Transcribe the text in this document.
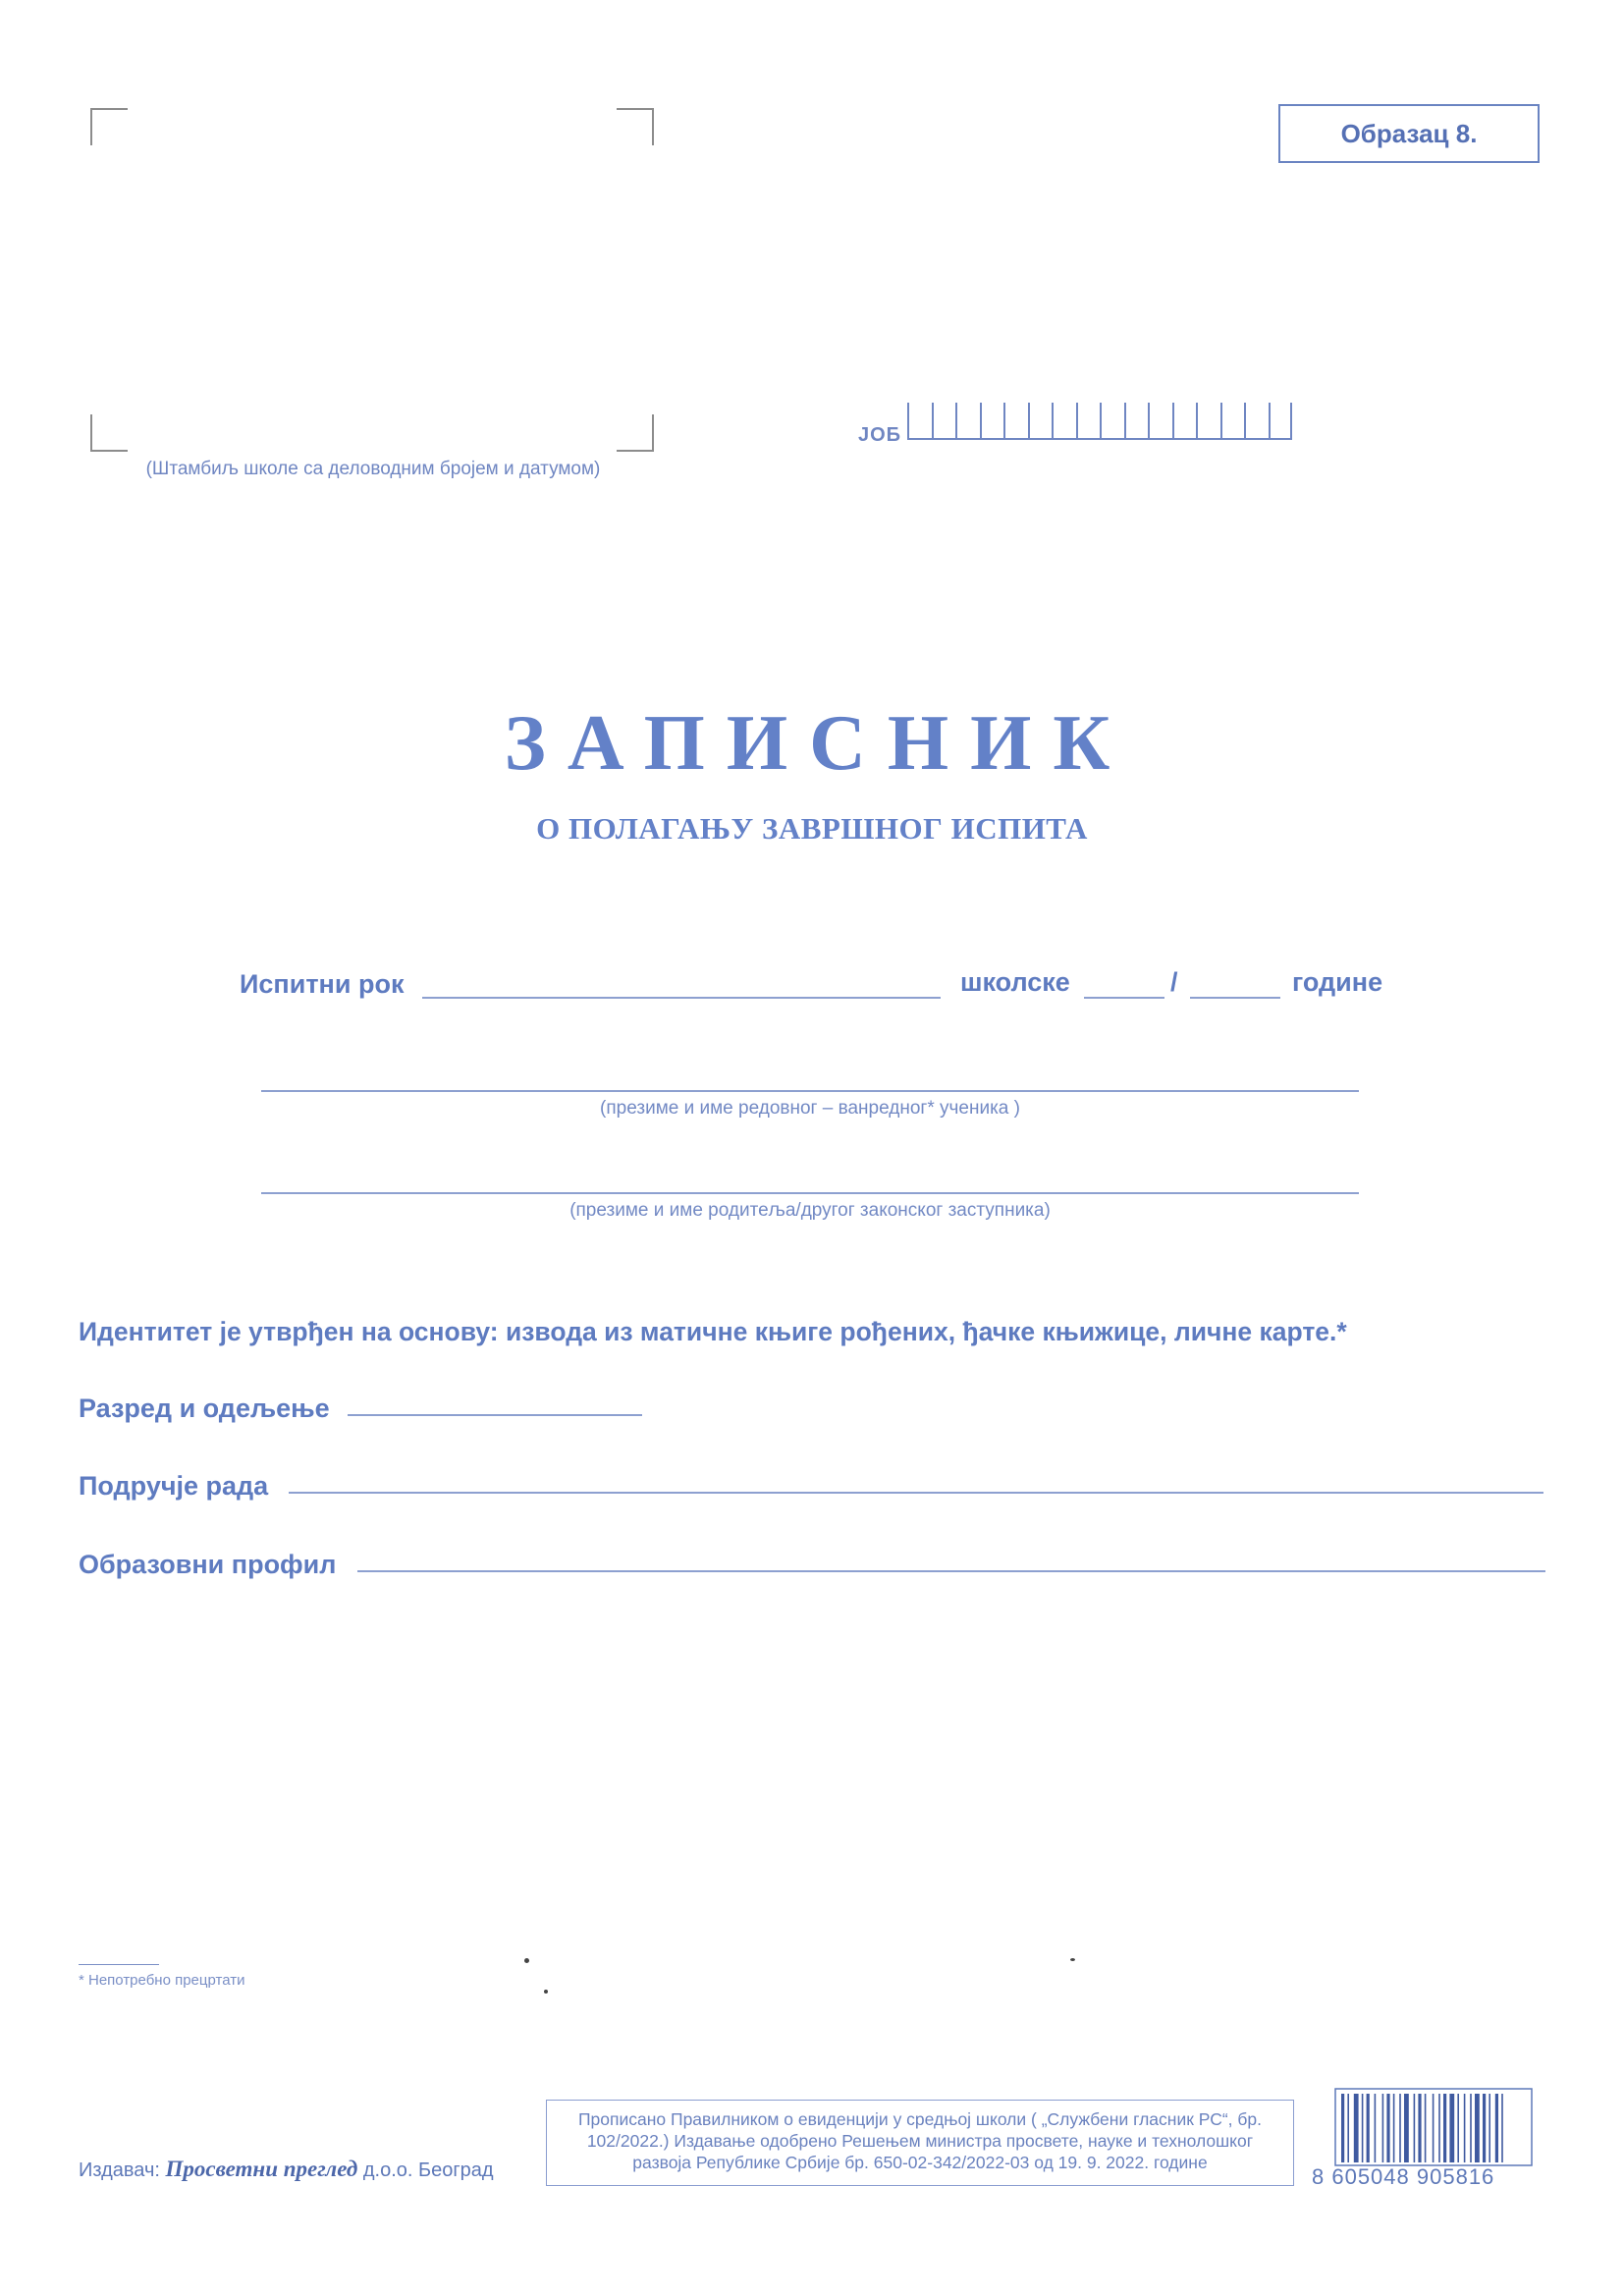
(Штамбиљ школе са деловодним бројем и датумом)
Образац 8.
ЈОБ
ЗАПИСНИК
О ПОЛАГАЊУ ЗАВРШНОГ ИСПИТА
Испитни рок	школске	/	године
(презиме и име редовног – ванредног* ученика )
(презиме и име родитеља/другог законског заступника)
Идентитет је утврђен на основу: извода из матичне књиге рођених, ђачке књижице, личне карте.*
Разред и одељење
Подручје рада
Образовни профил
* Непотребно прецртати
Издавач: Просветни преглед д.о.о. Београд
Прописано Правилником о евиденцији у средњој школи ( „Службени гласник РС“, бр. 102/2022.) Издавање одобрено Решењем министра просвете, науке и технолошког развоја Републике Србије бр. 650-02-342/2022-03 од 19. 9. 2022. године
8 605048 905816
